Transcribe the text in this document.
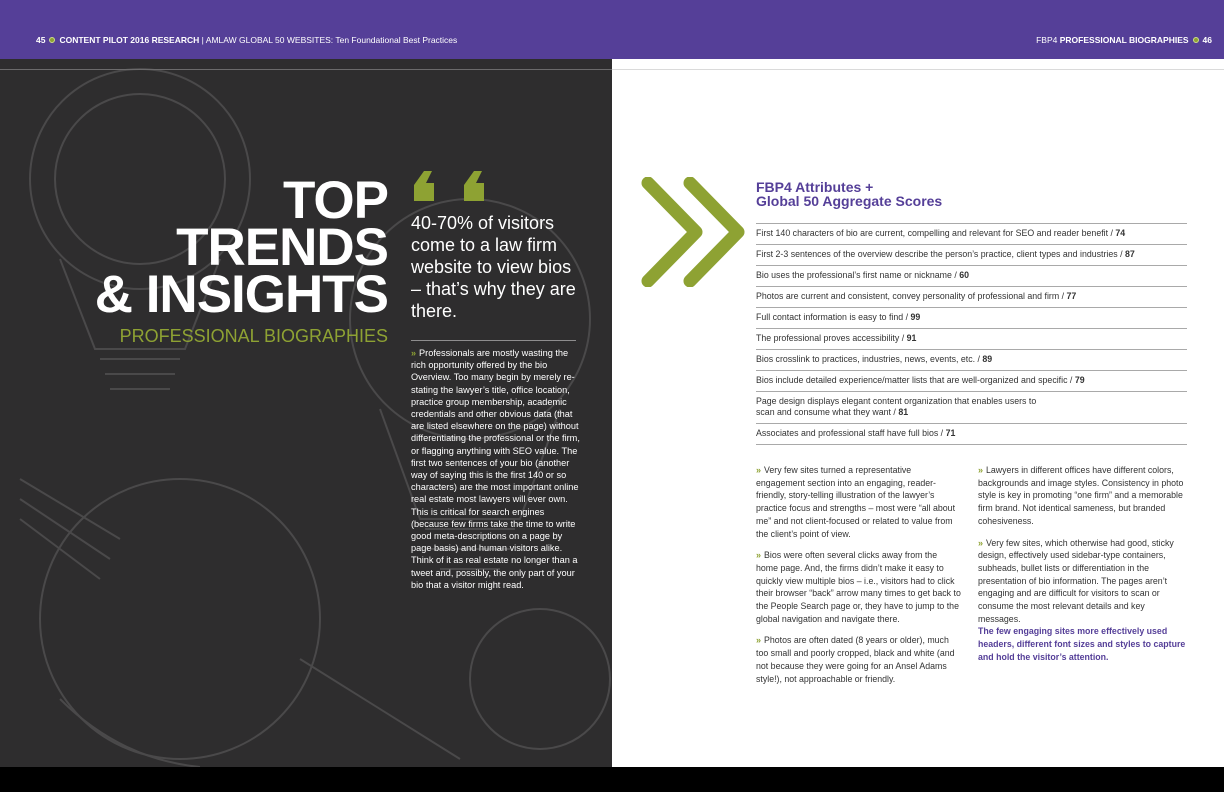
45 CONTENT PILOT 2016 RESEARCH | AMLAW GLOBAL 50 WEBSITES: Ten Foundational Best Practices	FBP4 PROFESSIONAL BIOGRAPHIES 46
TOP
TRENDS
& INSIGHTS
PROFESSIONAL BIOGRAPHIES
40-70% of visitors come to a law firm website to view bios – that’s why they are there.
» Professionals are mostly wasting the rich opportunity offered by the bio Overview. Too many begin by merely re-stating the lawyer’s title, office location, practice group membership, academic credentials and other obvious data (that are listed elsewhere on the page) without differentiating the professional or the firm, or flagging anything with SEO value. The first two sentences of your bio (another way of saying this is the first 140 or so characters) are the most important online real estate most lawyers will ever own. This is critical for search engines (because few firms take the time to write good meta-descriptions on a page by page basis) and human visitors alike. Think of it as real estate no longer than a tweet and, possibly, the only part of your bio that a visitor might read.
FBP4 Attributes +
Global 50 Aggregate Scores
First 140 characters of bio are current, compelling and relevant for SEO and reader benefit / 74
First 2-3 sentences of the overview describe the person’s practice, client types and industries / 87
Bio uses the professional’s first name or nickname / 60
Photos are current and consistent, convey personality of professional and firm / 77
Full contact information is easy to find / 99
The professional proves accessibility / 91
Bios crosslink to practices, industries, news, events, etc. / 89
Bios include detailed experience/matter lists that are well-organized and specific / 79
Page design displays elegant content organization that enables users to scan and consume what they want / 81
Associates and professional staff have full bios / 71

» Very few sites turned a representative engagement section into an engaging, reader-friendly, story-telling illustration of the lawyer’s practice focus and strengths – most were “all about me” and not client-focused or related to value from the client’s point of view.

» Bios were often several clicks away from the home page. And, the firms didn’t make it easy to quickly view multiple bios – i.e., visitors had to click their browser “back” arrow many times to get back to the People Search page or, they have to jump to the global navigation and navigate there.

» Photos are often dated (8 years or older), much too small and poorly cropped, black and white (and not because they were going for an Ansel Adams style!), not approachable or friendly.

» Lawyers in different offices have different colors, backgrounds and image styles. Consistency in photo style is key in promoting “one firm” and a memorable firm brand. Not identical sameness, but branded cohesiveness.

» Very few sites, which otherwise had good, sticky design, effectively used sidebar-type containers, subheads, bullet lists or differentiation in the presentation of bio information. The pages aren’t engaging and are difficult for visitors to scan or consume the most relevant details and key messages.

The few engaging sites more effectively used headers, different font sizes and styles to capture and hold the visitor’s attention.
